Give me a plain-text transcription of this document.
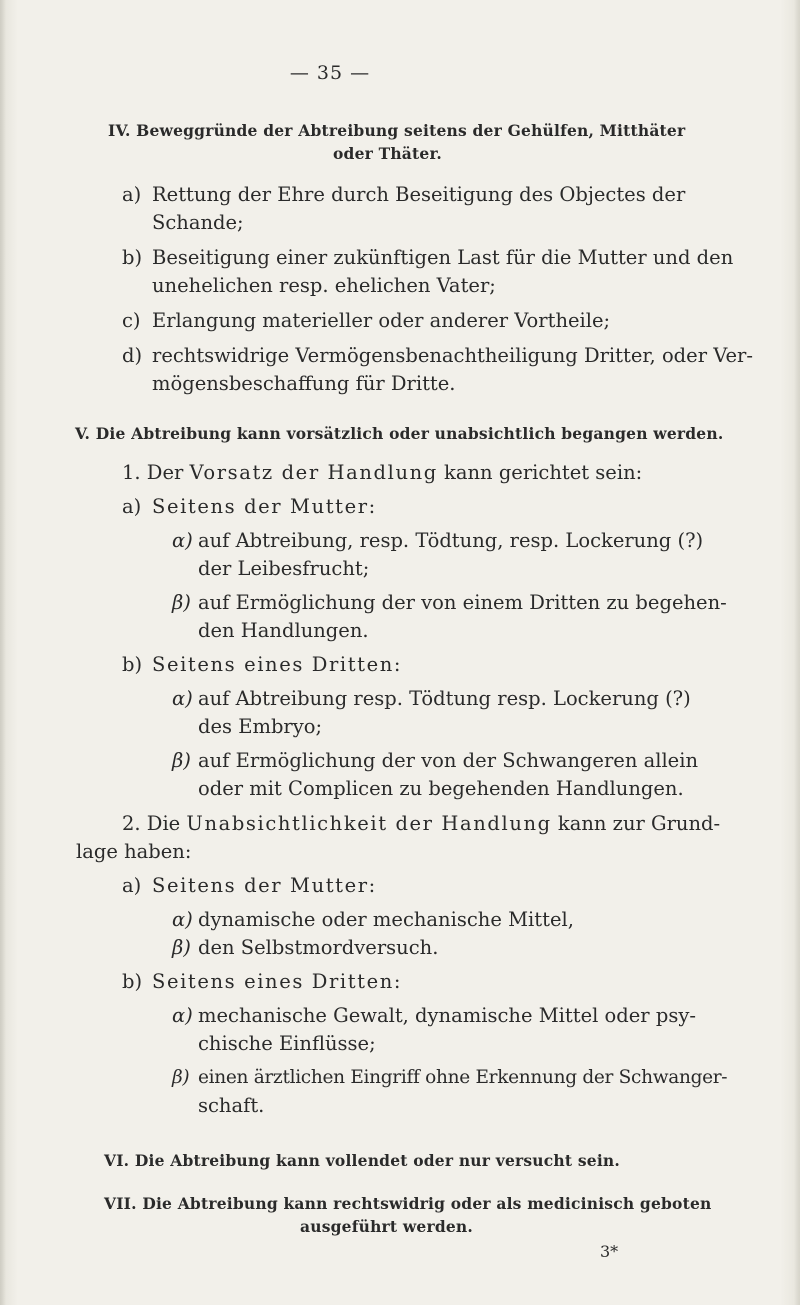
— 35 —
IV. Beweggründe der Abtreibung seitens der Gehülfen, Mitthäter
oder Thäter.
a) Rettung der Ehre durch Beseitigung des Objectes der
Schande;
b) Beseitigung einer zukünftigen Last für die Mutter und den
unehelichen resp. ehelichen Vater;
c) Erlangung materieller oder anderer Vortheile;
d) rechtswidrige Vermögensbenachtheiligung Dritter, oder Ver-
mögensbeschaffung für Dritte.
V. Die Abtreibung kann vorsätzlich oder unabsichtlich begangen werden.
1. Der Vorsatz der Handlung kann gerichtet sein:
a) Seitens der Mutter:
α) auf Abtreibung, resp. Tödtung, resp. Lockerung (?)
der Leibesfrucht;
β) auf Ermöglichung der von einem Dritten zu begehen-
den Handlungen.
b) Seitens eines Dritten:
α) auf Abtreibung resp. Tödtung resp. Lockerung (?)
des Embryo;
β) auf Ermöglichung der von der Schwangeren allein
oder mit Complicen zu begehenden Handlungen.
2. Die Unabsichtlichkeit der Handlung kann zur Grund-
lage haben:
a) Seitens der Mutter:
α) dynamische oder mechanische Mittel,
β) den Selbstmordversuch.
b) Seitens eines Dritten:
α) mechanische Gewalt, dynamische Mittel oder psy-
chische Einflüsse;
β) einen ärztlichen Eingriff ohne Erkennung der Schwanger-
schaft.
VI. Die Abtreibung kann vollendet oder nur versucht sein.
VII. Die Abtreibung kann rechtswidrig oder als medicinisch geboten
ausgeführt werden.
3*
